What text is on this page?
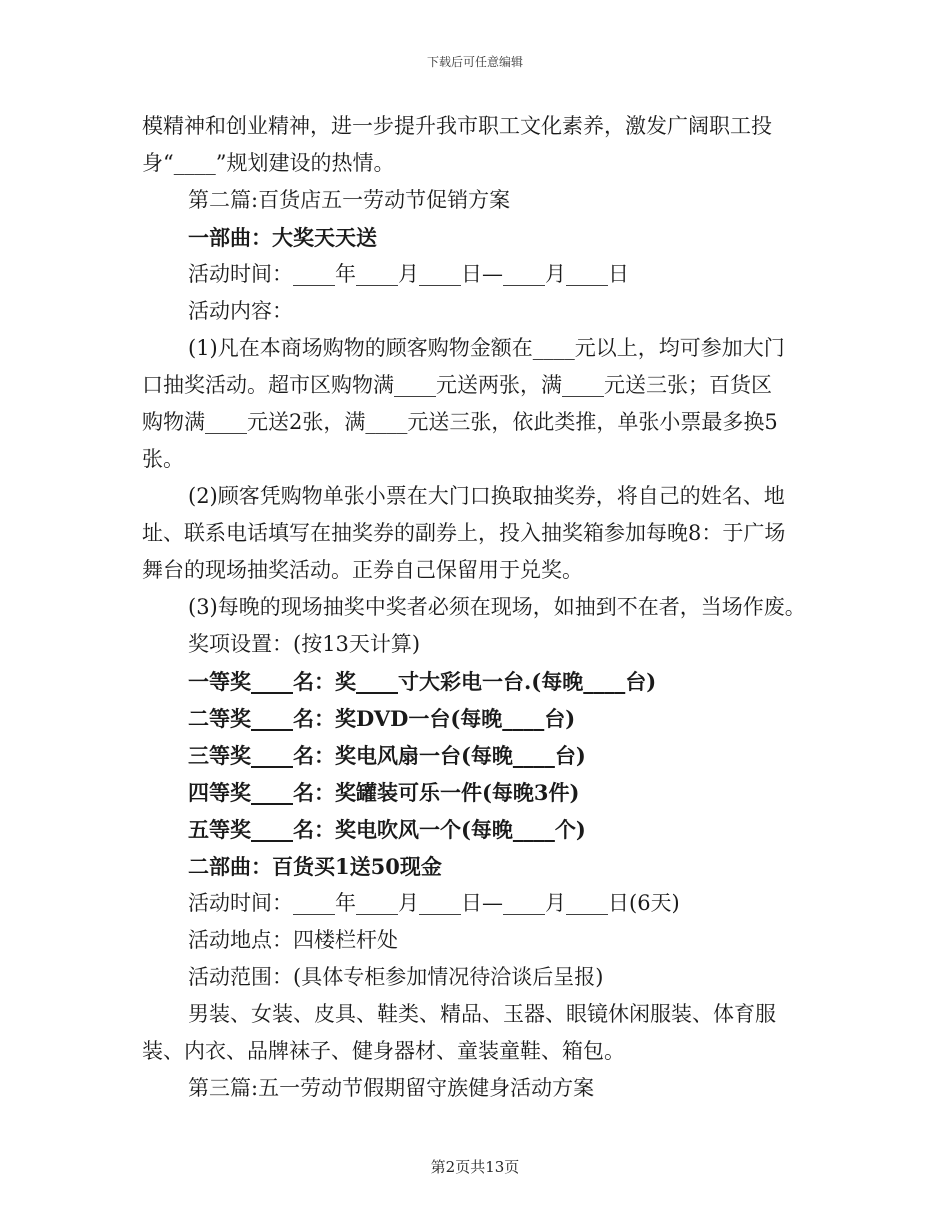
下载后可任意编辑
模精神和创业精神，进一步提升我市职工文化素养，激发广阔职工投
身“____”规划建设的热情。
第二篇:百货店五一劳动节促销方案
一部曲：大奖天天送
活动时间：____年____月____日—____月____日
活动内容：
(1)凡在本商场购物的顾客购物金额在____元以上，均可参加大门
口抽奖活动。超市区购物满____元送两张，满____元送三张；百货区
购物满____元送2张，满____元送三张，依此类推，单张小票最多换5
张。
(2)顾客凭购物单张小票在大门口换取抽奖券，将自己的姓名、地
址、联系电话填写在抽奖券的副券上，投入抽奖箱参加每晚8：于广场
舞台的现场抽奖活动。正券自己保留用于兑奖。
(3)每晚的现场抽奖中奖者必须在现场，如抽到不在者，当场作废。
奖项设置：(按13天计算)
一等奖____名：奖____寸大彩电一台.(每晚____台)
二等奖____名：奖DVD一台(每晚____台)
三等奖____名：奖电风扇一台(每晚____台)
四等奖____名：奖罐装可乐一件(每晚3件)
五等奖____名：奖电吹风一个(每晚____个)
二部曲：百货买1送50现金
活动时间：____年____月____日—____月____日(6天)
活动地点：四楼栏杆处
活动范围：(具体专柜参加情况待洽谈后呈报)
男装、女装、皮具、鞋类、精品、玉器、眼镜休闲服装、体育服
装、内衣、品牌袜子、健身器材、童装童鞋、箱包。
第三篇:五一劳动节假期留守族健身活动方案
第2页共13页
